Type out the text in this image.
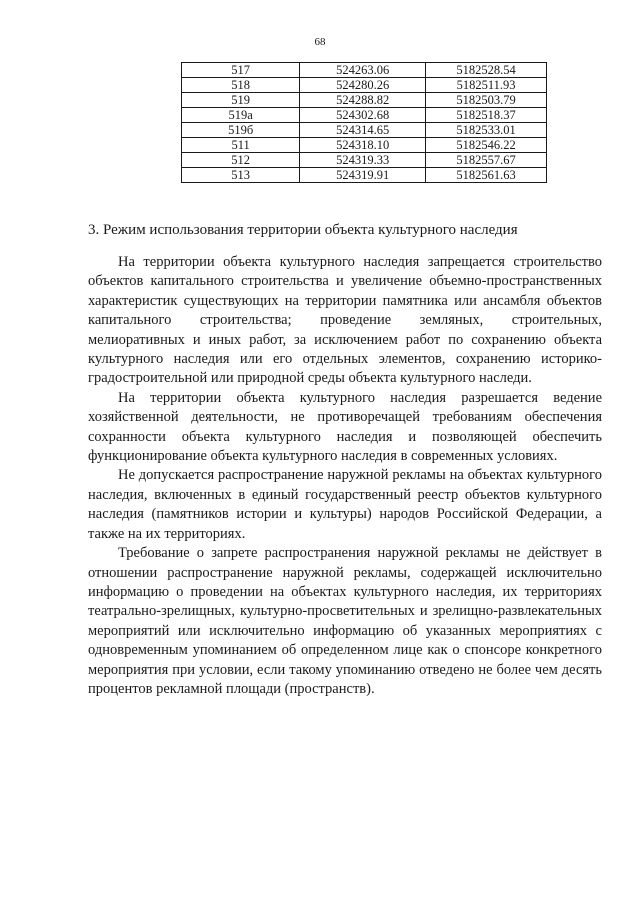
68
517	524263.06	5182528.54
518	524280.26	5182511.93
519	524288.82	5182503.79
519а	524302.68	5182518.37
519б	524314.65	5182533.01
511	524318.10	5182546.22
512	524319.33	5182557.67
513	524319.91	5182561.63
3. Режим использования территории объекта культурного наследия

На территории объекта культурного наследия запрещается строительство объектов капитального строительства и увеличение объемно-пространственных характеристик существующих на территории памятника или ансамбля объектов капитального строительства; проведение земляных, строительных, мелиоративных и иных работ, за исключением работ по сохранению объекта культурного наследия или его отдельных элементов, сохранению историко-градостроительной или природной среды объекта культурного наследи.

На территории объекта культурного наследия разрешается ведение хозяйственной деятельности, не противоречащей требованиям обеспечения сохранности объекта культурного наследия и позволяющей обеспечить функционирование объекта культурного наследия в современных условиях.

Не допускается распространение наружной рекламы на объектах культурного наследия, включенных в единый государственный реестр объектов культурного наследия (памятников истории и культуры) народов Российской Федерации, а также на их территориях.

Требование о запрете распространения наружной рекламы не действует в отношении распространение наружной рекламы, содержащей исключительно информацию о проведении на объектах культурного наследия, их территориях театрально-зрелищных, культурно-просветительных и зрелищно-развлекательных мероприятий или исключительно информацию об указанных мероприятиях с одновременным упоминанием об определенном лице как о спонсоре конкретного мероприятия при условии, если такому упоминанию отведено не более чем десять процентов рекламной площади (пространств).
